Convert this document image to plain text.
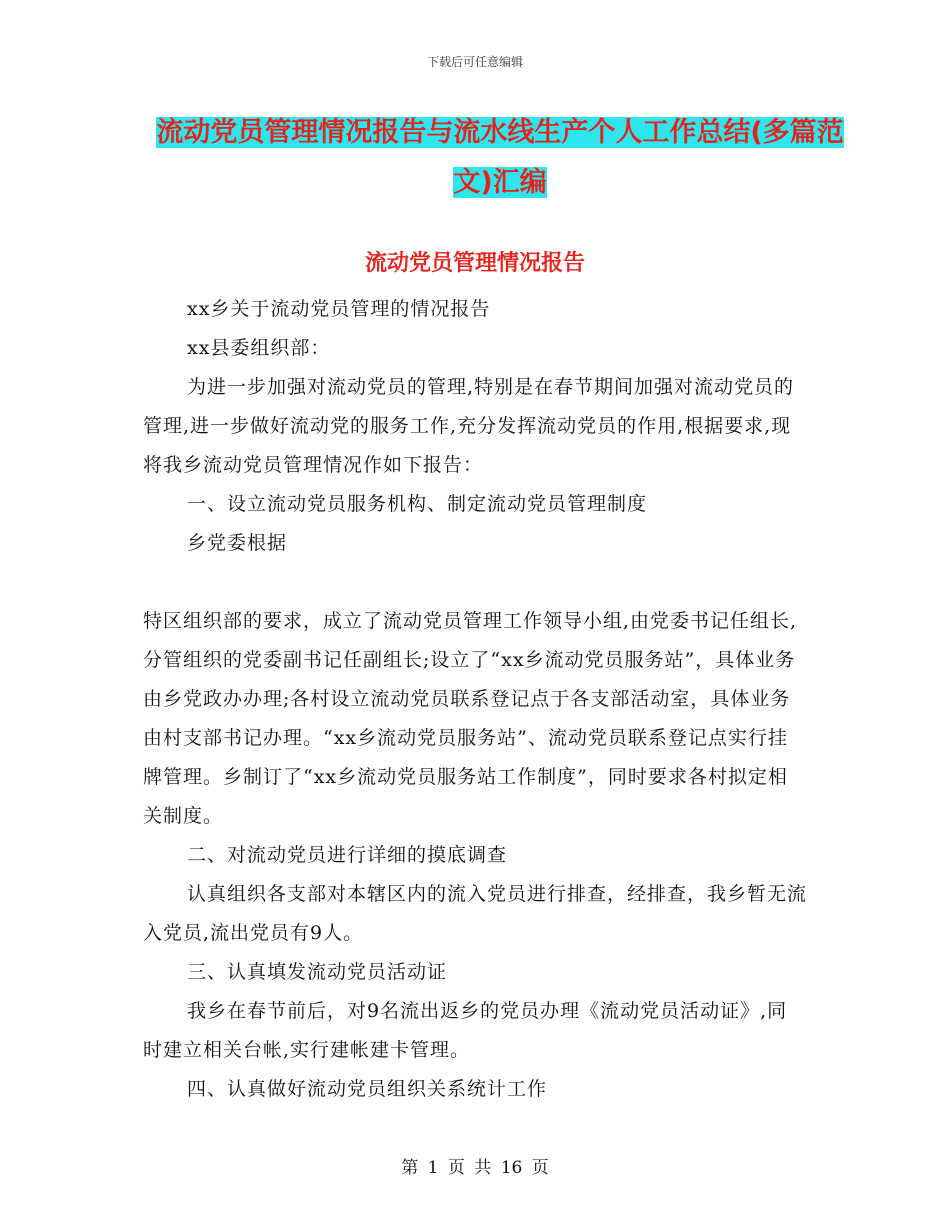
下载后可任意编辑
流动党员管理情况报告与流水线生产个人工作总结(多篇范文)汇编
流动党员管理情况报告

xx乡关于流动党员管理的情况报告

xx县委组织部：

为进一步加强对流动党员的管理,特别是在春节期间加强对流动党员的管理,进一步做好流动党的服务工作,充分发挥流动党员的作用,根据要求,现将我乡流动党员管理情况作如下报告：

一、设立流动党员服务机构、制定流动党员管理制度

乡党委根据

特区组织部的要求，成立了流动党员管理工作领导小组,由党委书记任组长,分管组织的党委副书记任副组长;设立了“xx乡流动党员服务站”，具体业务由乡党政办办理;各村设立流动党员联系登记点于各支部活动室，具体业务由村支部书记办理。“xx乡流动党员服务站”、流动党员联系登记点实行挂牌管理。乡制订了“xx乡流动党员服务站工作制度”，同时要求各村拟定相关制度。

二、对流动党员进行详细的摸底调查

认真组织各支部对本辖区内的流入党员进行排查，经排查，我乡暂无流入党员,流出党员有9人。

三、认真填发流动党员活动证

我乡在春节前后，对9名流出返乡的党员办理《流动党员活动证》,同时建立相关台帐,实行建帐建卡管理。

四、认真做好流动党员组织关系统计工作

第 1 页 共 16 页
